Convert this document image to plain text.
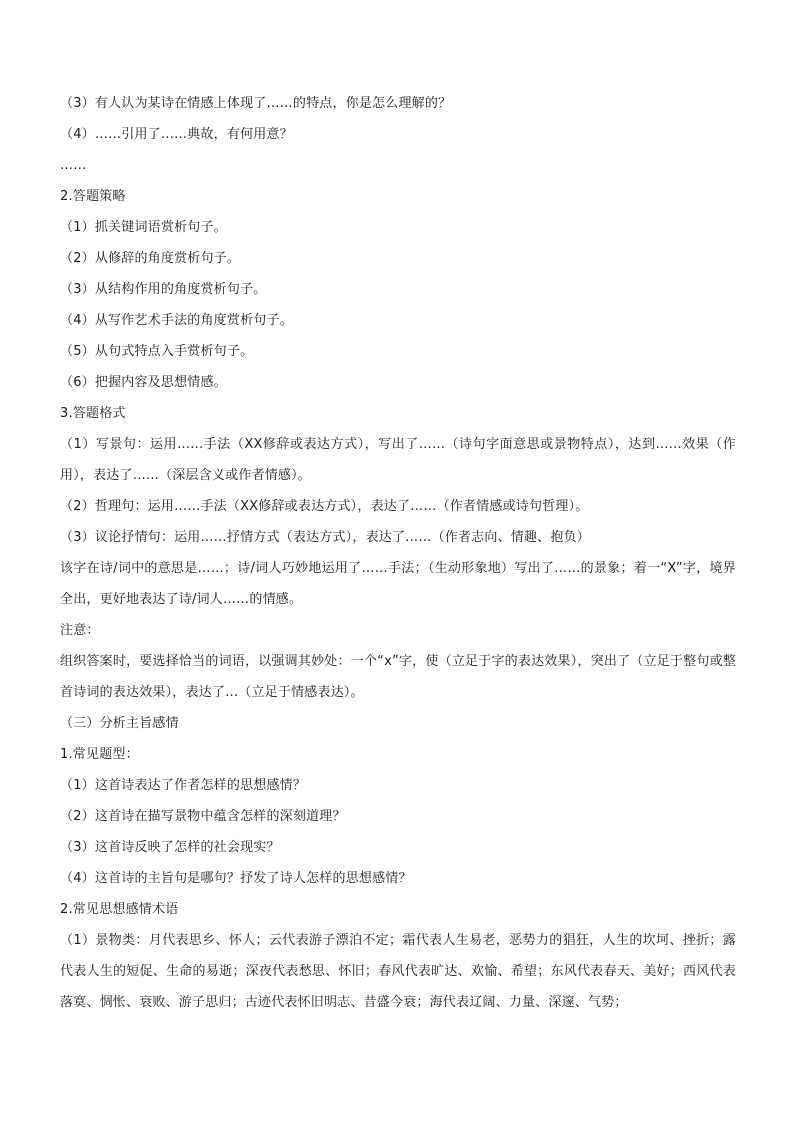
（3）有人认为某诗在情感上体现了……的特点，你是怎么理解的？
（4）……引用了……典故，有何用意？
……
2.答题策略
（1）抓关键词语赏析句子。
（2）从修辞的角度赏析句子。
（3）从结构作用的角度赏析句子。
（4）从写作艺术手法的角度赏析句子。
（5）从句式特点入手赏析句子。
（6）把握内容及思想情感。
3.答题格式
（1）写景句：运用……手法（XX修辞或表达方式），写出了……（诗句字面意思或景物特点），达到……效果（作用），表达了……（深层含义或作者情感）。
（2）哲理句：运用……手法（XX修辞或表达方式），表达了……（作者情感或诗句哲理）。
（3）议论抒情句：运用……抒情方式（表达方式），表达了……（作者志向、情趣、抱负）
该字在诗/词中的意思是……；诗/词人巧妙地运用了……手法；（生动形象地）写出了……的景象；着一“X”字，境界全出，更好地表达了诗/词人……的情感。
注意：
组织答案时，要选择恰当的词语，以强调其妙处：一个“x”字，使（立足于字的表达效果），突出了（立足于整句或整首诗词的表达效果），表达了…（立足于情感表达）。
（三）分析主旨感情
1.常见题型：
（1）这首诗表达了作者怎样的思想感情？
（2）这首诗在描写景物中蕴含怎样的深刻道理？
（3）这首诗反映了怎样的社会现实？
（4）这首诗的主旨句是哪句？抒发了诗人怎样的思想感情？
2.常见思想感情术语
（1）景物类：月代表思乡、怀人；云代表游子漂泊不定；霜代表人生易老，恶势力的猖狂，人生的坎坷、挫折；露代表人生的短促、生命的易逝；深夜代表愁思、怀旧；春风代表旷达、欢愉、希望；东风代表春天、美好；西风代表落寞、惆怅、衰败、游子思归；古迹代表怀旧明志、昔盛今衰；海代表辽阔、力量、深邃、气势；
